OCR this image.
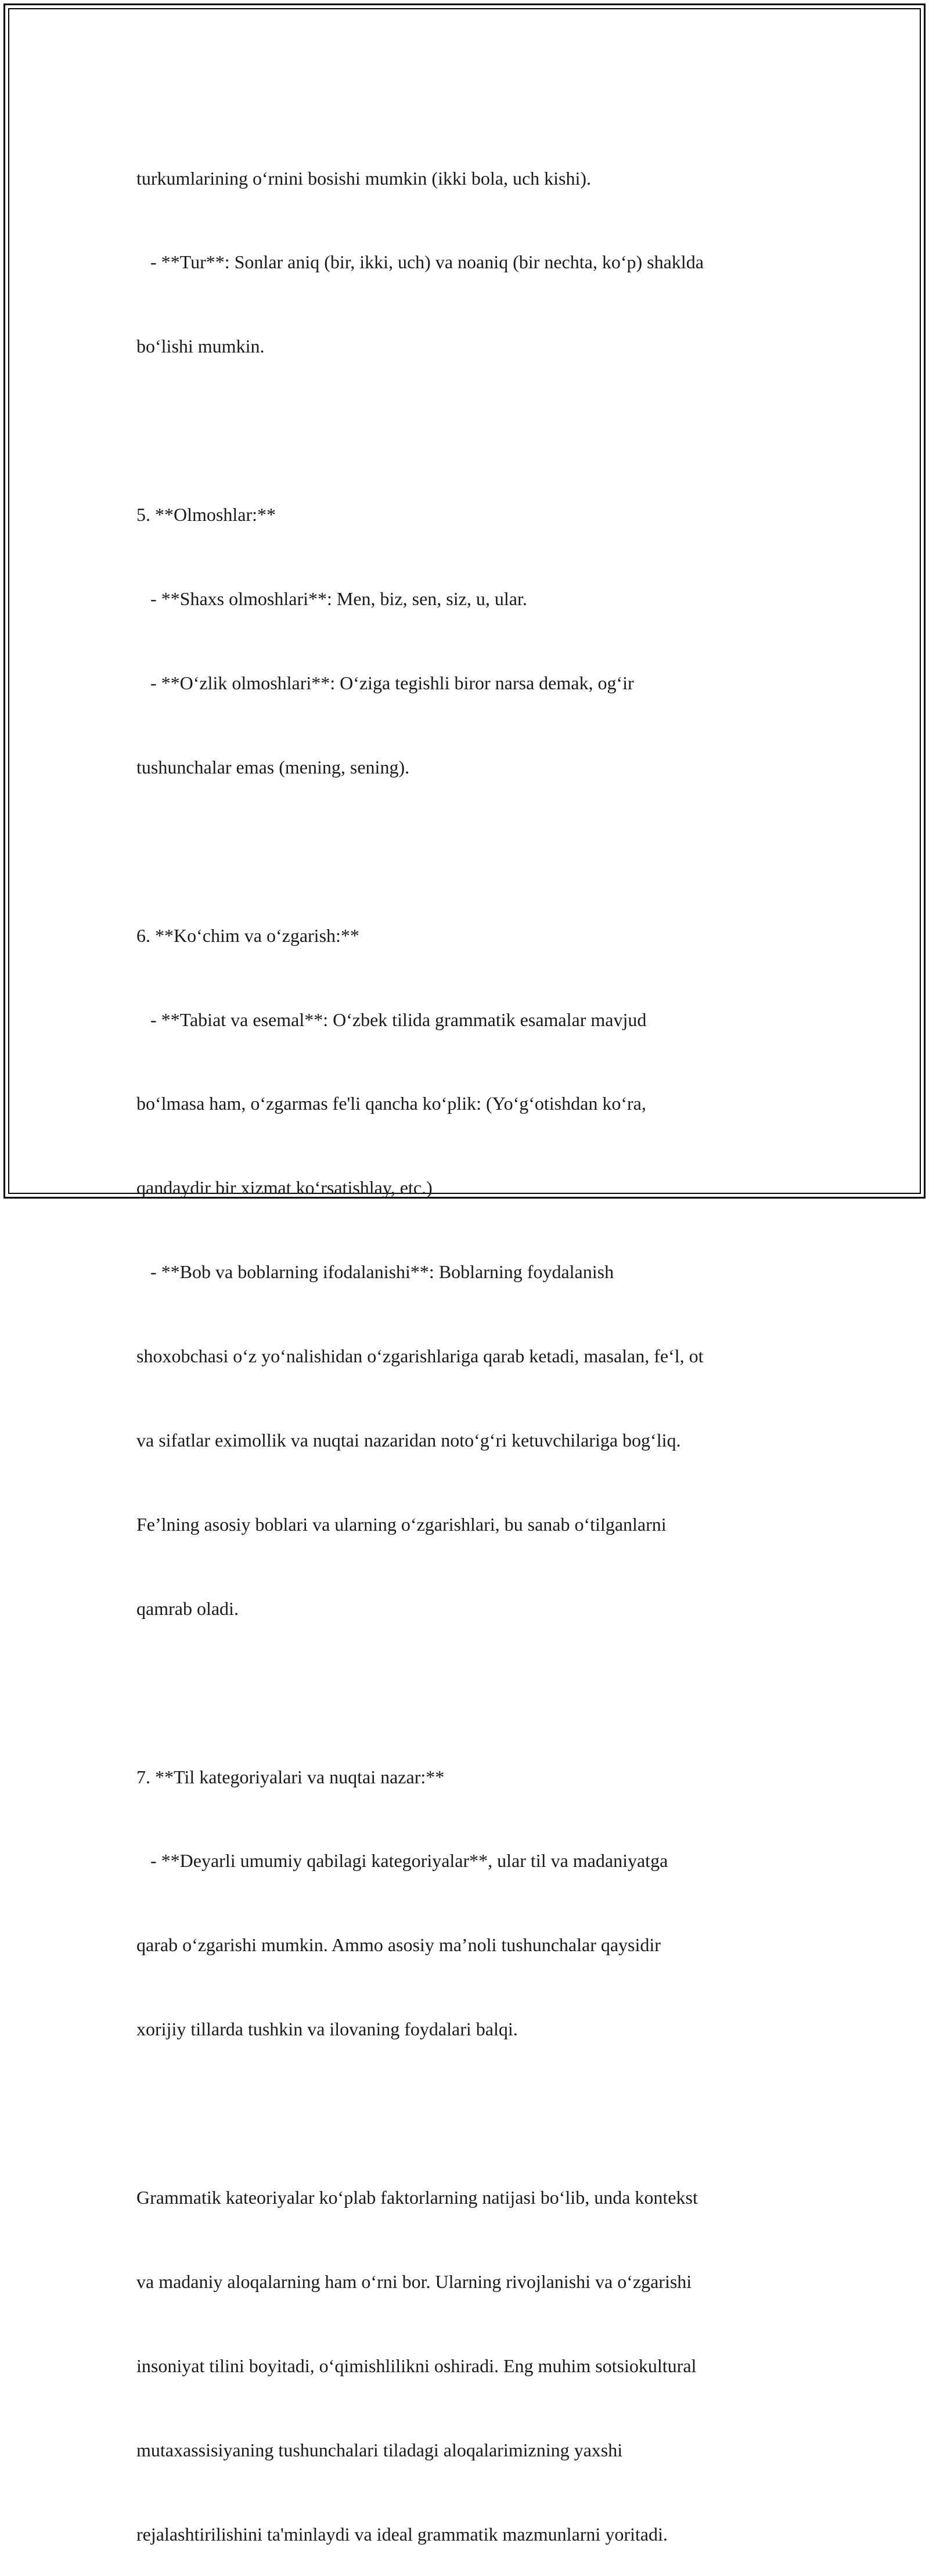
turkumlarining o‘rnini bosishi mumkin (ikki bola, uch kishi).

- **Tur**: Sonlar aniq (bir, ikki, uch) va noaniq (bir nechta, ko‘p) shaklda

bo‘lishi mumkin.

5. **Olmoshlar:**

- **Shaxs olmoshlari**: Men, biz, sen, siz, u, ular.

- **O‘zlik olmoshlari**: O‘ziga tegishli biror narsa demak, og‘ir

tushunchalar emas (mening, sening).

6. **Ko‘chim va o‘zgarish:**

- **Tabiat va esemal**: O‘zbek tilida grammatik esamalar mavjud

bo‘lmasa ham, o‘zgarmas fe'li qancha ko‘plik: (Yo‘g‘otishdan ko‘ra,

qandaydir bir xizmat ko‘rsatishlay, etc.)

- **Bob va boblarning ifodalanishi**: Boblarning foydalanish

shoxobchasi o‘z yo‘nalishidan o‘zgarishlariga qarab ketadi, masalan, fe‘l, ot

va sifatlar eximollik va nuqtai nazaridan noto‘g‘ri ketuvchilariga bog‘liq.

Fe’lning asosiy boblari va ularning o‘zgarishlari, bu sanab o‘tilganlarni

qamrab oladi.

7. **Til kategoriyalari va nuqtai nazar:**

- **Deyarli umumiy qabilagi kategoriyalar**, ular til va madaniyatga

qarab o‘zgarishi mumkin. Ammo asosiy ma’noli tushunchalar qaysidir

xorijiy tillarda tushkin va ilovaning foydalari balqi.

Grammatik kateoriyalar ko‘plab faktorlarning natijasi bo‘lib, unda kontekst

va madaniy aloqalarning ham o‘rni bor. Ularning rivojlanishi va o‘zgarishi

insoniyat tilini boyitadi, o‘qimishlilikni oshiradi. Eng muhim sotsiokultural

mutaxassisiyaning tushunchalari tiladagi aloqalarimizning yaxshi

rejalashtirilishini ta'minlaydi va ideal grammatik mazmunlarni yoritadi.
